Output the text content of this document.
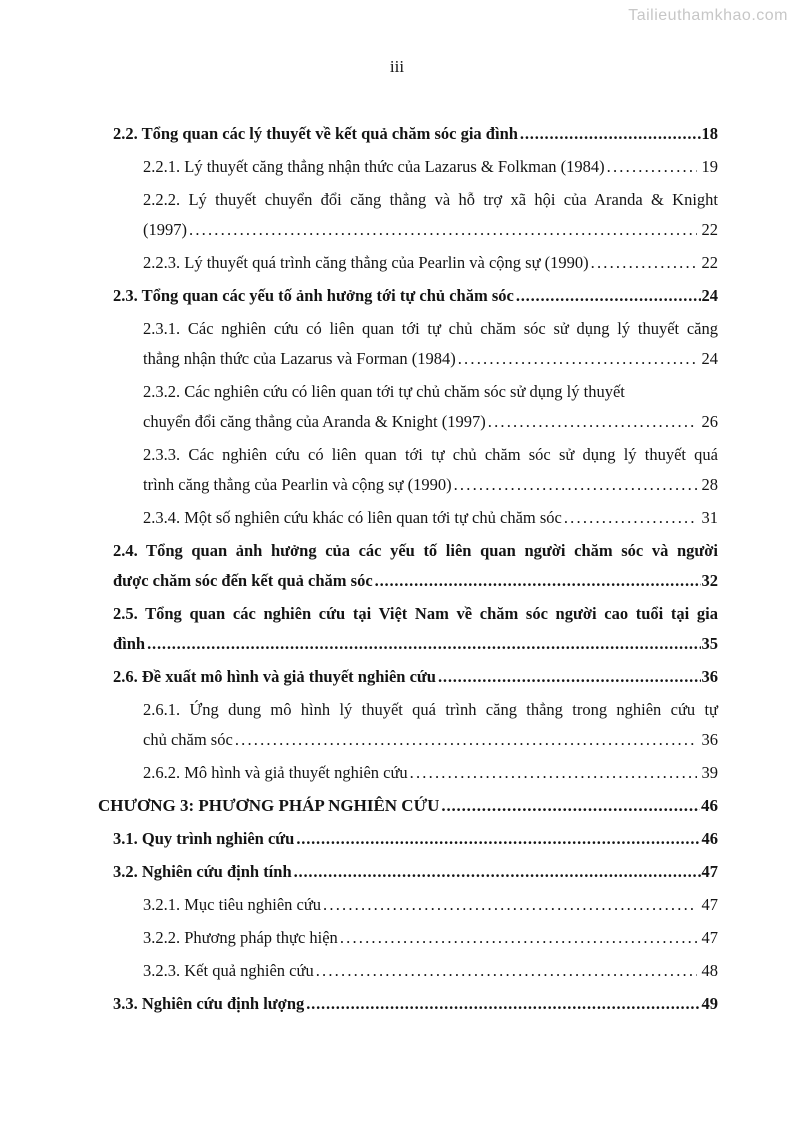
Tailieuthamkhao.com
iii
2.2. Tổng quan các lý thuyết về kết quả chăm sóc gia đình .....	18
2.2.1. Lý thuyết căng thẳng nhận thức của Lazarus & Folkman (1984) .....	19
2.2.2. Lý thuyết chuyển đổi căng thẳng và hỗ trợ xã hội của Aranda & Knight
(1997) .....	22
2.2.3. Lý thuyết quá trình căng thẳng của Pearlin và cộng sự (1990) .....	22
2.3. Tổng quan các yếu tố ảnh hưởng tới tự chủ chăm sóc .....	24
2.3.1. Các nghiên cứu có liên quan tới tự chủ chăm sóc sử dụng lý thuyết căng
thẳng nhận thức của Lazarus và Forman (1984) .....	24
2.3.2. Các nghiên cứu có liên quan tới tự chủ chăm sóc sử dụng lý thuyết
chuyển đổi căng thẳng của Aranda & Knight (1997) .....	26
2.3.3. Các nghiên cứu có liên quan tới tự chủ chăm sóc sử dụng lý thuyết quá
trình căng thẳng của Pearlin và cộng sự (1990) .....	28
2.3.4. Một số nghiên cứu khác có liên quan tới tự chủ chăm sóc .....	31
2.4. Tổng quan ảnh hưởng của các yếu tố liên quan người chăm sóc và người
được chăm sóc đến kết quả chăm sóc .....	32
2.5. Tổng quan các nghiên cứu tại Việt Nam về chăm sóc người cao tuổi tại gia
đình .....	35
2.6. Đề xuất mô hình và giả thuyết nghiên cứu .....	36
2.6.1. Ứng dung mô hình lý thuyết quá trình căng thẳng trong nghiên cứu tự
chủ chăm sóc .....	36
2.6.2. Mô hình và giả thuyết nghiên cứu .....	39
CHƯƠNG 3: PHƯƠNG PHÁP NGHIÊN CỨU .....	46
3.1. Quy trình nghiên cứu .....	46
3.2. Nghiên cứu định tính .....	47
3.2.1. Mục tiêu nghiên cứu .....	47
3.2.2. Phương pháp thực hiện .....	47
3.2.3. Kết quả nghiên cứu .....	48
3.3. Nghiên cứu định lượng .....	49
